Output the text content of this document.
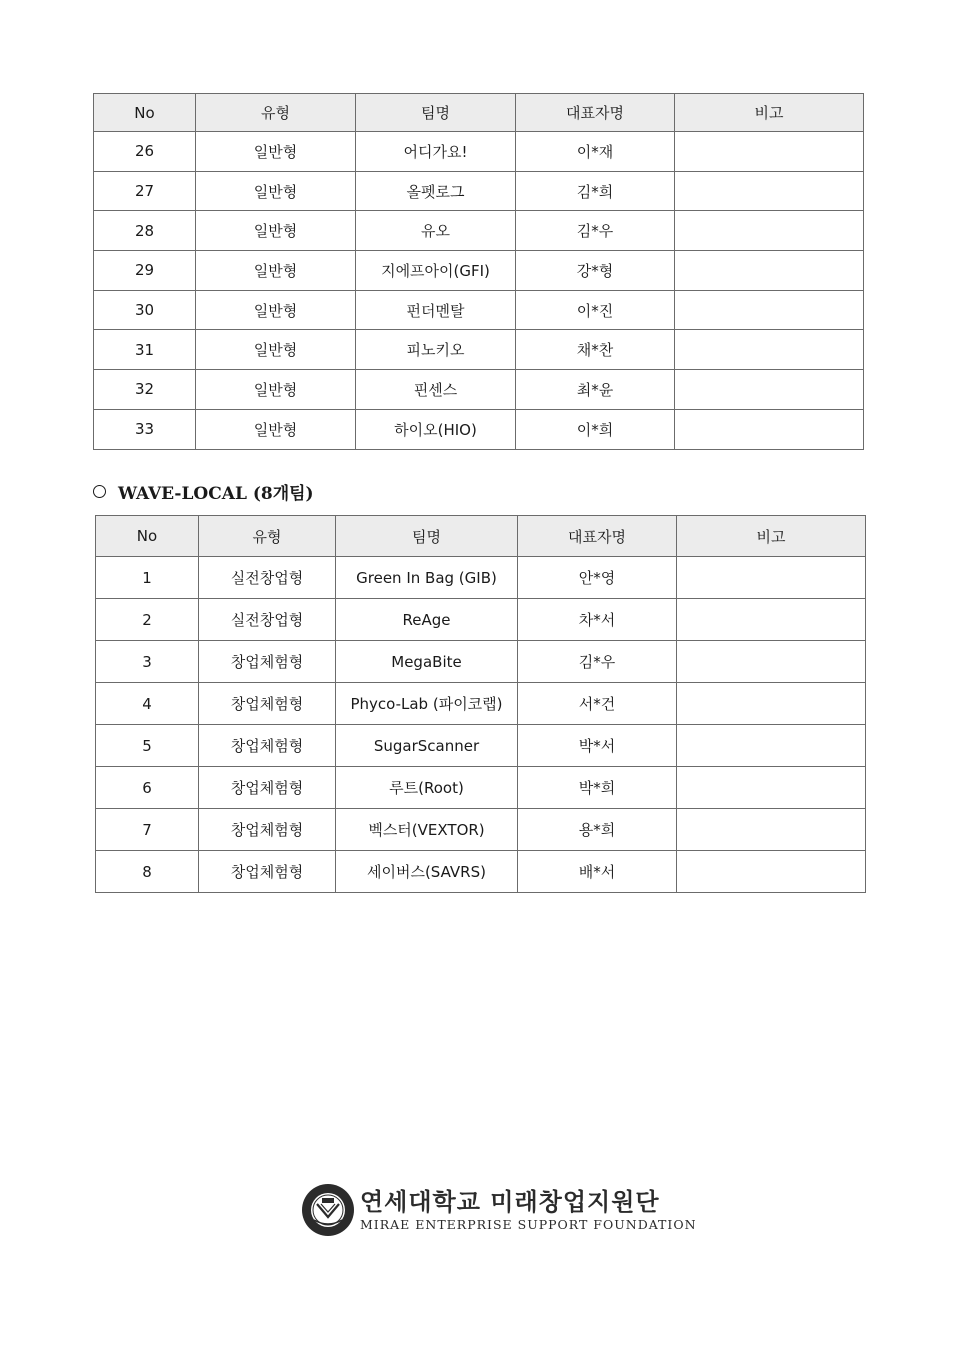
No	유형	팀명	대표자명	비고
26	일반형	어디가요!	이*재	
27	일반형	올펫로그	김*희	
28	일반형	유오	김*우	
29	일반형	지에프아이(GFI)	강*형	
30	일반형	펀더멘탈	이*진	
31	일반형	피노키오	채*찬	
32	일반형	핀센스	최*윤	
33	일반형	하이오(HIO)	이*희	
WAVE-LOCAL (8개팀)
No	유형	팀명	대표자명	비고
1	실전창업형	Green In Bag (GIB)	안*영	
2	실전창업형	ReAge	차*서	
3	창업체험형	MegaBite	김*우	
4	창업체험형	Phyco-Lab (파이코랩)	서*건	
5	창업체험형	SugarScanner	박*서	
6	창업체험형	루트(Root)	박*희	
7	창업체험형	벡스터(VEXTOR)	용*희	
8	창업체험형	세이버스(SAVRS)	배*서	
연세대학교 미래창업지원단
MIRAE ENTERPRISE SUPPORT FOUNDATION
